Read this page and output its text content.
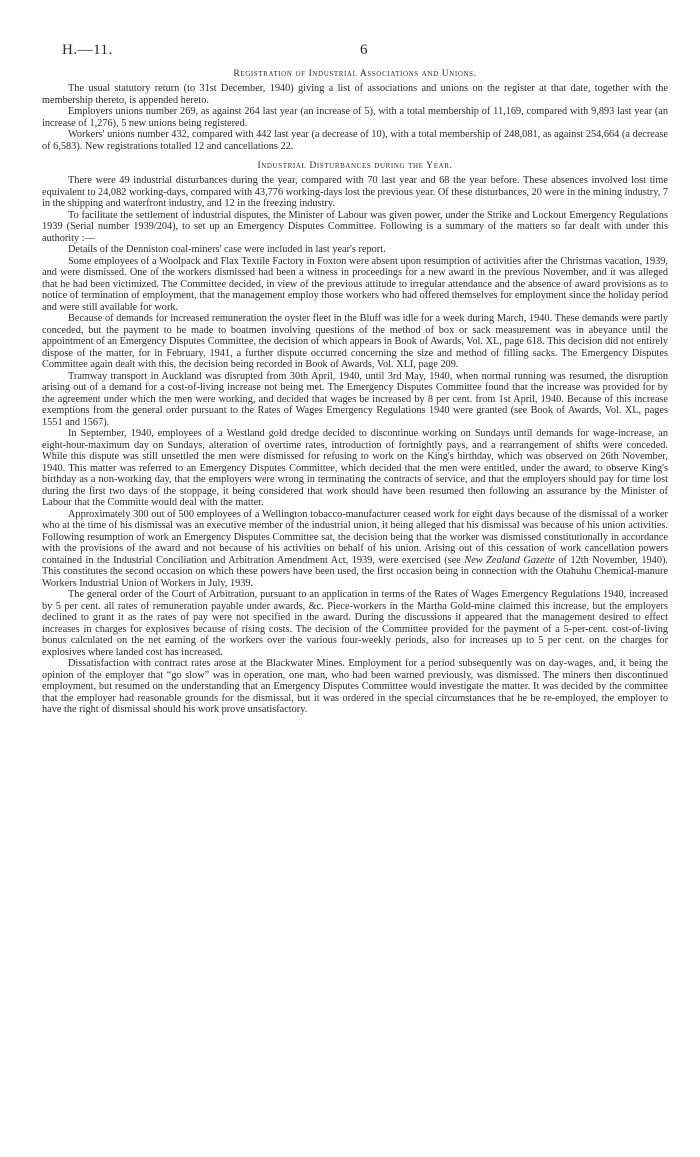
H.—11.	6
Registration of Industrial Associations and Unions.

The usual statutory return (to 31st December, 1940) giving a list of associations and unions on the register at that date, together with the membership thereto, is appended hereto.

Employers unions number 269, as against 264 last year (an increase of 5), with a total membership of 11,169, compared with 9,893 last year (an increase of 1,276), 5 new unions being registered.

Workers' unions number 432, compared with 442 last year (a decrease of 10), with a total membership of 248,081, as against 254,664 (a decrease of 6,583). New registrations totalled 12 and cancellations 22.

Industrial Disturbances during the Year.

There were 49 industrial disturbances during the year, compared with 70 last year and 68 the year before. These absences involved lost time equivalent to 24,082 working-days, compared with 43,776 working-days lost the previous year. Of these disturbances, 20 were in the mining industry, 7 in the shipping and waterfront industry, and 12 in the freezing industry.

To facilitate the settlement of industrial disputes, the Minister of Labour was given power, under the Strike and Lockout Emergency Regulations 1939 (Serial number 1939/204), to set up an Emergency Disputes Committee. Following is a summary of the matters so far dealt with under this authority :—

Details of the Denniston coal-miners' case were included in last year's report.

Some employees of a Woolpack and Flax Textile Factory in Foxton were absent upon resumption of activities after the Christmas vacation, 1939, and were dismissed. One of the workers dismissed had been a witness in proceedings for a new award in the previous November, and it was alleged that he had been victimized. The Committee decided, in view of the previous attitude to irregular attendance and the absence of award provisions as to notice of termination of employment, that the management employ those workers who had offered themselves for employment since the holiday period and were still available for work.

Because of demands for increased remuneration the oyster fleet in the Bluff was idle for a week during March, 1940. These demands were partly conceded, but the payment to be made to boatmen involving questions of the method of box or sack measurement was in abeyance until the appointment of an Emergency Disputes Committee, the decision of which appears in Book of Awards, Vol. XL, page 618. This decision did not entirely dispose of the matter, for in February, 1941, a further dispute occurred concerning the size and method of filling sacks. The Emergency Disputes Committee again dealt with this, the decision being recorded in Book of Awards, Vol. XLI, page 209.

Tramway transport in Auckland was disrupted from 30th April, 1940, until 3rd May, 1940, when normal running was resumed, the disruption arising out of a demand for a cost-of-living increase not being met. The Emergency Disputes Committee found that the increase was provided for by the agreement under which the men were working, and decided that wages be increased by 8 per cent. from 1st April, 1940. Because of this increase exemptions from the general order pursuant to the Rates of Wages Emergency Regulations 1940 were granted (see Book of Awards, Vol. XL, pages 1551 and 1567).

In September, 1940, employees of a Westland gold dredge decided to discontinue working on Sundays until demands for wage-increase, an eight-hour-maximum day on Sundays, alteration of overtime rates, introduction of fortnightly pays, and a rearrangement of shifts were conceded. While this dispute was still unsettled the men were dismissed for refusing to work on the King's birthday, which was observed on 26th November, 1940. This matter was referred to an Emergency Disputes Committee, which decided that the men were entitled, under the award, to observe King's birthday as a non-working day, that the employers were wrong in terminating the contracts of service, and that the employers should pay for time lost during the first two days of the stoppage, it being considered that work should have been resumed then following an assurance by the Minister of Labour that the Committe would deal with the matter.

Approximately 300 out of 500 employees of a Wellington tobacco-manufacturer ceased work for eight days because of the dismissal of a worker who at the time of his dismissal was an executive member of the industrial union, it being alleged that his dismissal was because of his union activities. Following resumption of work an Emergency Disputes Committee sat, the decision being that the worker was dismissed constitutionally in accordance with the provisions of the award and not because of his activities on behalf of his union. Arising out of this cessation of work cancellation powers contained in the Industrial Conciliation and Arbitration Amendment Act, 1939, were exercised (see New Zealand Gazette of 12th November, 1940). This constitutes the second occasion on which these powers have been used, the first occasion being in connection with the Otahuhu Chemical-manure Workers Industrial Union of Workers in July, 1939.

The general order of the Court of Arbitration, pursuant to an application in terms of the Rates of Wages Emergency Regulations 1940, increased by 5 per cent. all rates of remuneration payable under awards, &c. Piece-workers in the Martha Gold-mine claimed this increase, but the employers declined to grant it as the rates of pay were not specified in the award. During the discussions it appeared that the management desired to effect increases in charges for explosives because of rising costs. The decision of the Committee provided for the payment of a 5-per-cent. cost-of-living bonus calculated on the net earning of the workers over the various four-weekly periods, also for increases up to 5 per cent. on the charges for explosives where landed cost has increased.

Dissatisfaction with contract rates arose at the Blackwater Mines. Employment for a period subsequently was on day-wages, and, it being the opinion of the employer that “go slow” was in operation, one man, who had been warned previously, was dismissed. The miners then discontinued employment, but resumed on the understanding that an Emergency Disputes Committee would investigate the matter. It was decided by the committee that the employer had reasonable grounds for the dismissal, but it was ordered in the special circumstances that he be re-employed, the employer to have the right of dismissal should his work prove unsatisfactory.
